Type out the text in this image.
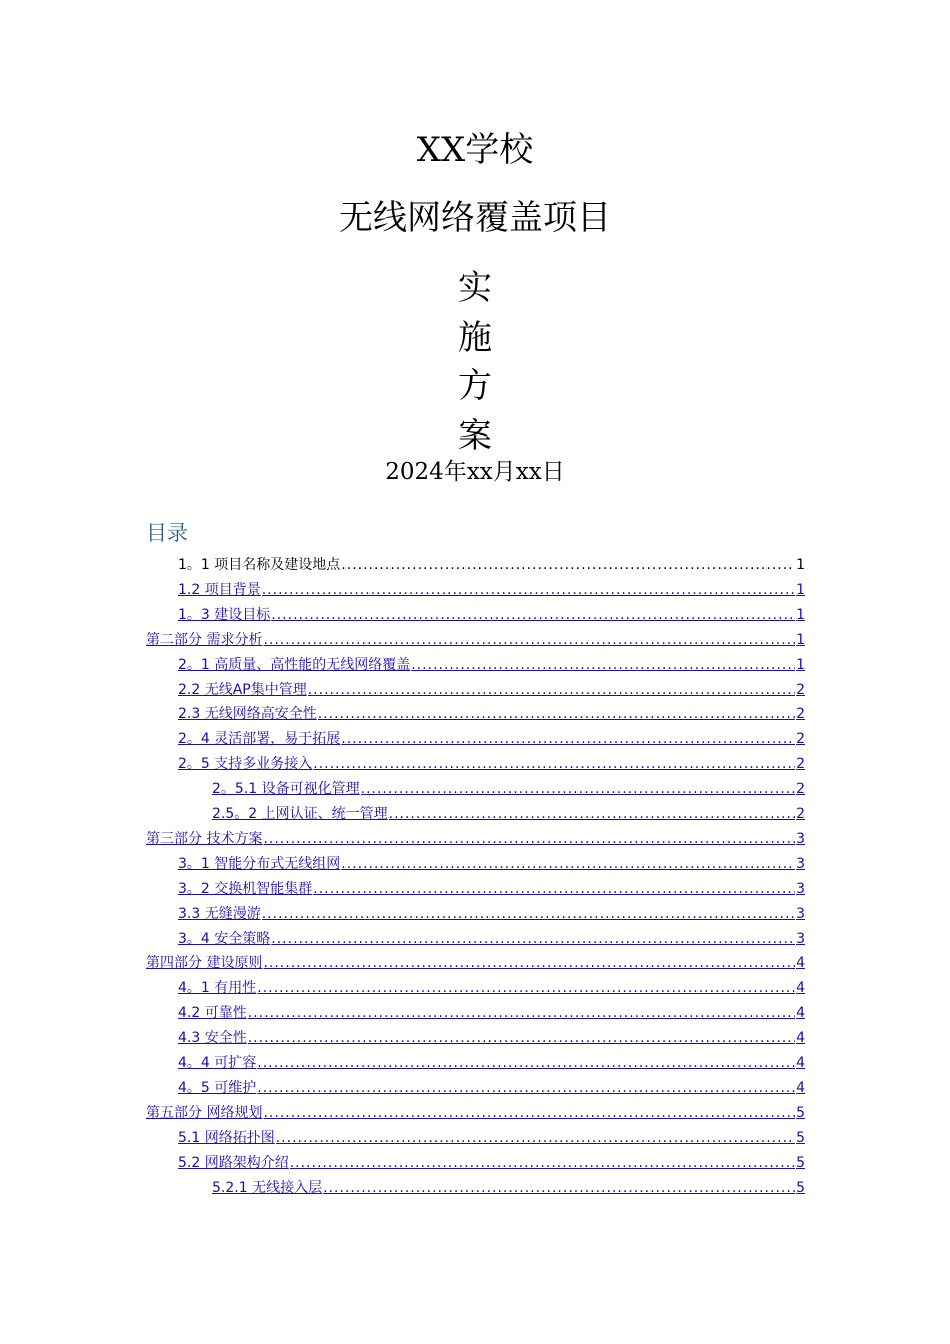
XX学校
无线网络覆盖项目
实
施
方
案
2024年xx月xx日
目录
1。1 项目名称及建设地点 .....	1
1.2 项目背景 .....	1
1。3 建设目标 .....	1
第二部分 需求分析 .....	1
2。1 高质量、高性能的无线网络覆盖 .....	1
2.2 无线AP集中管理 .....	2
2.3 无线网络高安全性 .....	2
2。4 灵活部署，易于拓展 .....	2
2。5 支持多业务接入 .....	2
2。5.1 设备可视化管理 .....	2
2.5。2 上网认证、统一管理 .....	2
第三部分 技术方案 .....	3
3。1 智能分布式无线组网 .....	3
3。2 交换机智能集群 .....	3
3.3 无缝漫游 .....	3
3。4 安全策略 .....	3
第四部分 建设原则 .....	4
4。1 有用性 .....	4
4.2 可靠性 .....	4
4.3 安全性 .....	4
4。4 可扩容 .....	4
4。5 可维护 .....	4
第五部分 网络规划 .....	5
5.1 网络拓扑图 .....	5
5.2 网路架构介绍 .....	5
5.2.1 无线接入层 .....	5
